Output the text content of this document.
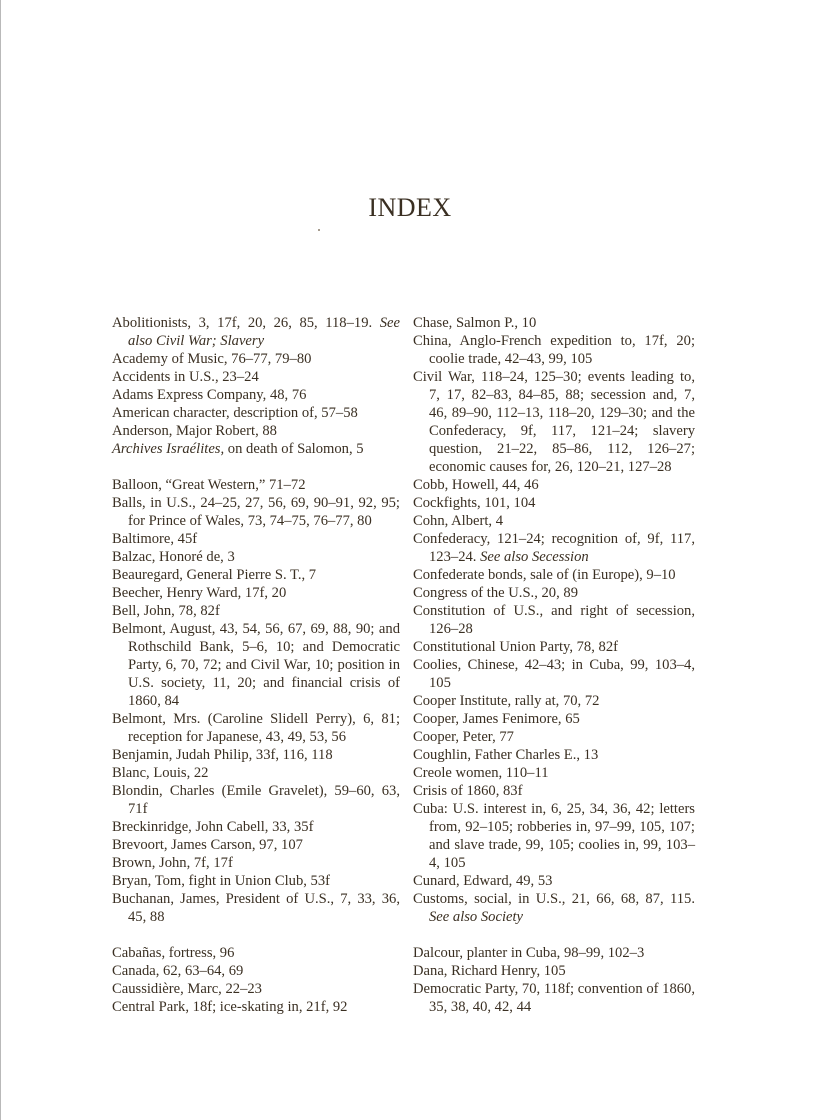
INDEX

Abolitionists, 3, 17f, 20, 26, 85, 118–19. See also Civil War; Slavery

Academy of Music, 76–77, 79–80

Accidents in U.S., 23–24

Adams Express Company, 48, 76

American character, description of, 57–58

Anderson, Major Robert, 88

Archives Israélites, on death of Salomon, 5

Balloon, “Great Western,” 71–72

Balls, in U.S., 24–25, 27, 56, 69, 90–91, 92, 95; for Prince of Wales, 73, 74–75, 76–77, 80

Baltimore, 45f

Balzac, Honoré de, 3

Beauregard, General Pierre S. T., 7

Beecher, Henry Ward, 17f, 20

Bell, John, 78, 82f

Belmont, August, 43, 54, 56, 67, 69, 88, 90; and Rothschild Bank, 5–6, 10; and Democratic Party, 6, 70, 72; and Civil War, 10; position in U.S. society, 11, 20; and financial crisis of 1860, 84

Belmont, Mrs. (Caroline Slidell Perry), 6, 81; reception for Japanese, 43, 49, 53, 56

Benjamin, Judah Philip, 33f, 116, 118

Blanc, Louis, 22

Blondin, Charles (Emile Gravelet), 59–60, 63, 71f

Breckinridge, John Cabell, 33, 35f

Brevoort, James Carson, 97, 107

Brown, John, 7f, 17f

Bryan, Tom, fight in Union Club, 53f

Buchanan, James, President of U.S., 7, 33, 36, 45, 88

Cabañas, fortress, 96

Canada, 62, 63–64, 69

Caussidière, Marc, 22–23

Central Park, 18f; ice-skating in, 21f, 92

Chase, Salmon P., 10

China, Anglo-French expedition to, 17f, 20; coolie trade, 42–43, 99, 105

Civil War, 118–24, 125–30; events leading to, 7, 17, 82–83, 84–85, 88; secession and, 7, 46, 89–90, 112–13, 118–20, 129–30; and the Confederacy, 9f, 117, 121–24; slavery question, 21–22, 85–86, 112, 126–27; economic causes for, 26, 120–21, 127–28

Cobb, Howell, 44, 46

Cockfights, 101, 104

Cohn, Albert, 4

Confederacy, 121–24; recognition of, 9f, 117, 123–24. See also Secession

Confederate bonds, sale of (in Europe), 9–10

Congress of the U.S., 20, 89

Constitution of U.S., and right of secession, 126–28

Constitutional Union Party, 78, 82f

Coolies, Chinese, 42–43; in Cuba, 99, 103–4, 105

Cooper Institute, rally at, 70, 72

Cooper, James Fenimore, 65

Cooper, Peter, 77

Coughlin, Father Charles E., 13

Creole women, 110–11

Crisis of 1860, 83f

Cuba: U.S. interest in, 6, 25, 34, 36, 42; letters from, 92–105; robberies in, 97–99, 105, 107; and slave trade, 99, 105; coolies in, 99, 103–4, 105

Cunard, Edward, 49, 53

Customs, social, in U.S., 21, 66, 68, 87, 115. See also Society

Dalcour, planter in Cuba, 98–99, 102–3

Dana, Richard Henry, 105

Democratic Party, 70, 118f; convention of 1860, 35, 38, 40, 42, 44
